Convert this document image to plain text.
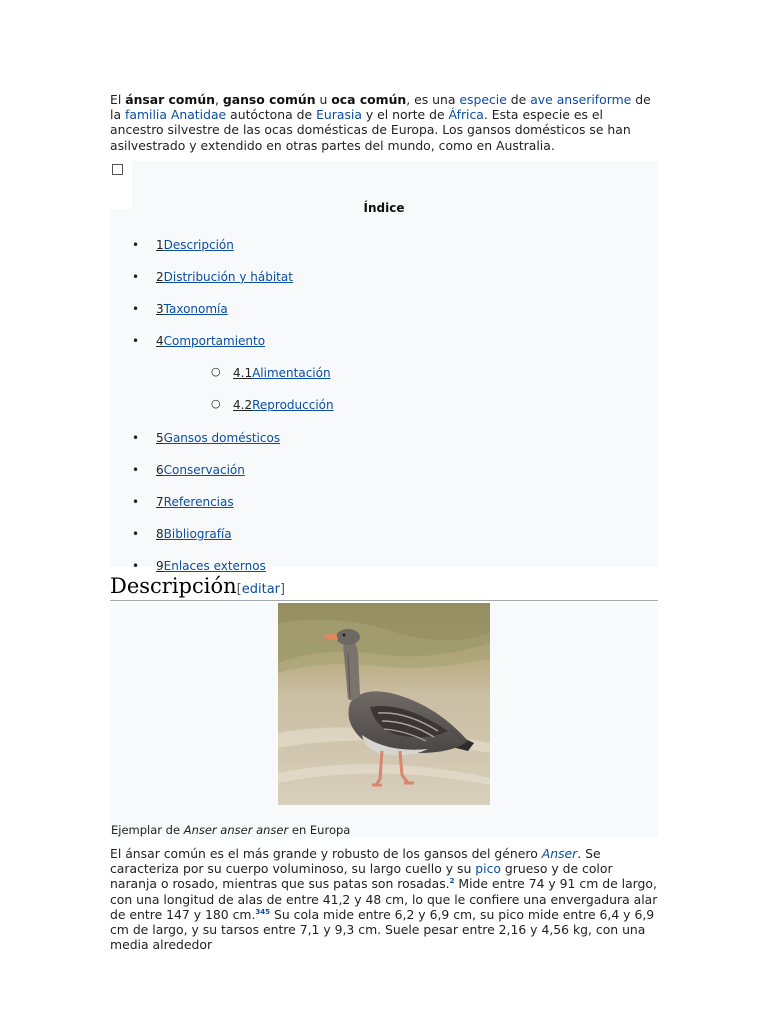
El ánsar común, ganso común u oca común, es una especie de ave anseriforme de la familia Anatidae autóctona de Eurasia y el norte de África. Esta especie es el ancestro silvestre de las ocas domésticas de Europa. Los gansos domésticos se han asilvestrado y extendido en otras partes del mundo, como en Australia.

Índice
• 1Descripción
• 2Distribución y hábitat
• 3Taxonomía
• 4Comportamiento
○ 4.1Alimentación
○ 4.2Reproducción
• 5Gansos domésticos
• 6Conservación
• 7Referencias
• 8Bibliografía
• 9Enlaces externos
Descripción[editar]
Ejemplar de Anser anser anser en Europa

El ánsar común es el más grande y robusto de los gansos del género Anser. Se caracteriza por su cuerpo voluminoso, su largo cuello y su pico grueso y de color naranja o rosado, mientras que sus patas son rosadas.$^2$ Mide entre 74 y 91 cm de largo, con una longitud de alas de entre 41,2 y 48 cm, lo que le confiere una envergadura alar de entre 147 y 180 cm.$^{345}$ Su cola mide entre 6,2 y 6,9 cm, su pico mide entre 6,4 y 6,9 cm de largo, y su tarsos entre 7,1 y 9,3 cm. Suele pesar entre 2,16 y 4,56 kg, con una media alrededor
